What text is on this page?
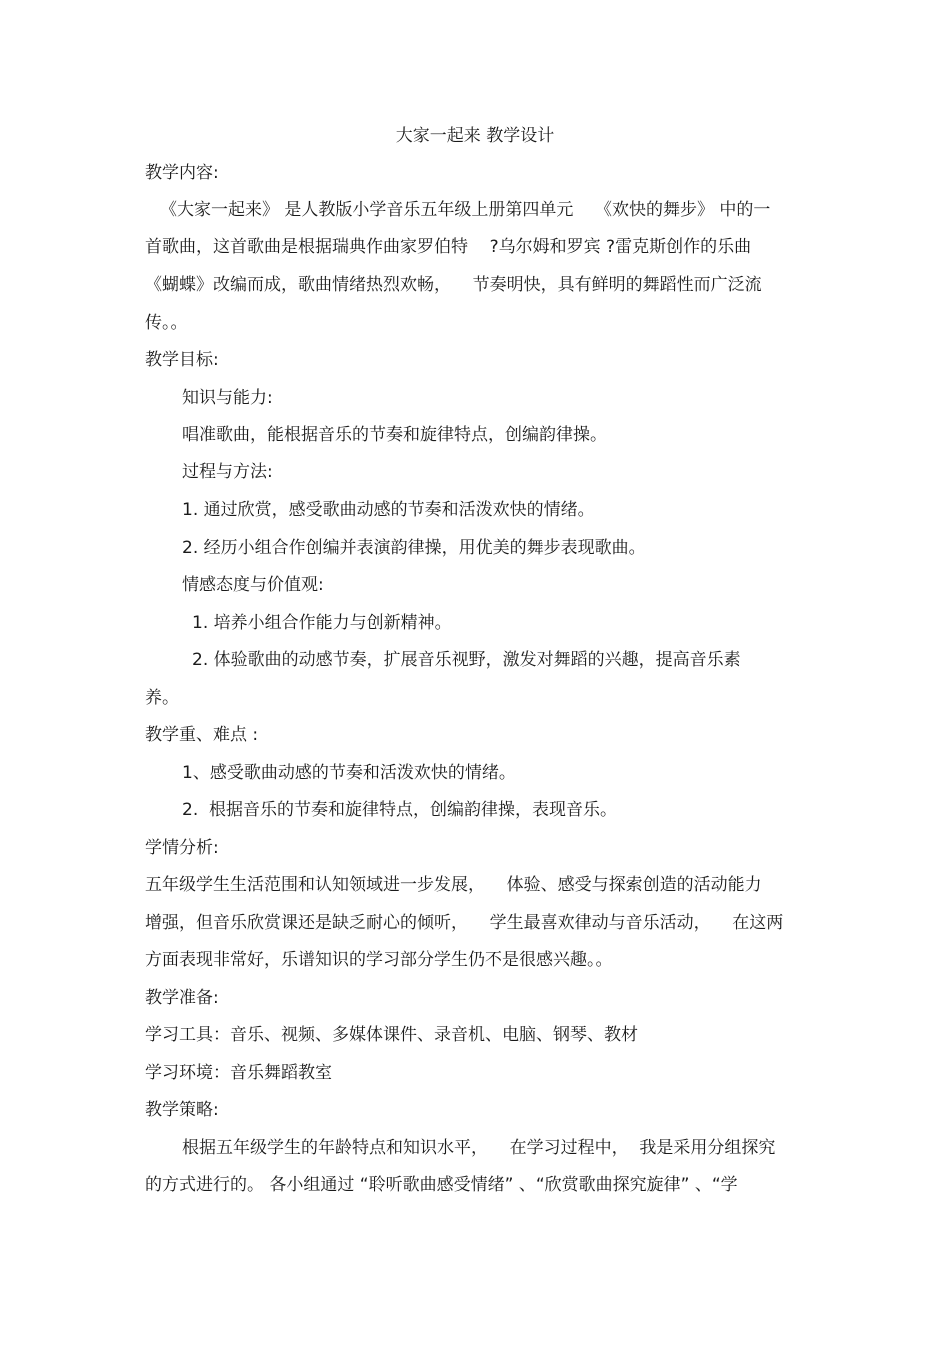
大家一起来 教学设计

教学内容:

《大家一起来》 是人教版小学音乐五年级上册第四单元    《欢快的舞步》 中的一

首歌曲，这首歌曲是根据瑞典作曲家罗伯特    ?乌尔姆和罗宾 ?雷克斯创作的乐曲

《蝴蝶》改编而成，歌曲情绪热烈欢畅，    节奏明快，具有鲜明的舞蹈性而广泛流

传。。

教学目标:

知识与能力:

唱准歌曲，能根据音乐的节奏和旋律特点，创编韵律操。

过程与方法:

1. 通过欣赏，感受歌曲动感的节奏和活泼欢快的情绪。

2. 经历小组合作创编并表演韵律操，用优美的舞步表现歌曲。

情感态度与价值观:

1. 培养小组合作能力与创新精神。

2. 体验歌曲的动感节奏，扩展音乐视野，激发对舞蹈的兴趣，提高音乐素

养。

教学重、难点 :

1、感受歌曲动感的节奏和活泼欢快的情绪。

2.  根据音乐的节奏和旋律特点，创编韵律操，表现音乐。

学情分析:

五年级学生生活范围和认知领域进一步发展，    体验、感受与探索创造的活动能力

增强，但音乐欣赏课还是缺乏耐心的倾听，    学生最喜欢律动与音乐活动，    在这两

方面表现非常好，乐谱知识的学习部分学生仍不是很感兴趣。。

教学准备:

学习工具：音乐、视频、多媒体课件、录音机、电脑、钢琴、教材

学习环境：音乐舞蹈教室

教学策略:

根据五年级学生的年龄特点和知识水平，    在学习过程中，  我是采用分组探究

的方式进行的。 各小组通过 “聆听歌曲感受情绪” 、“欣赏歌曲探究旋律” 、“学
